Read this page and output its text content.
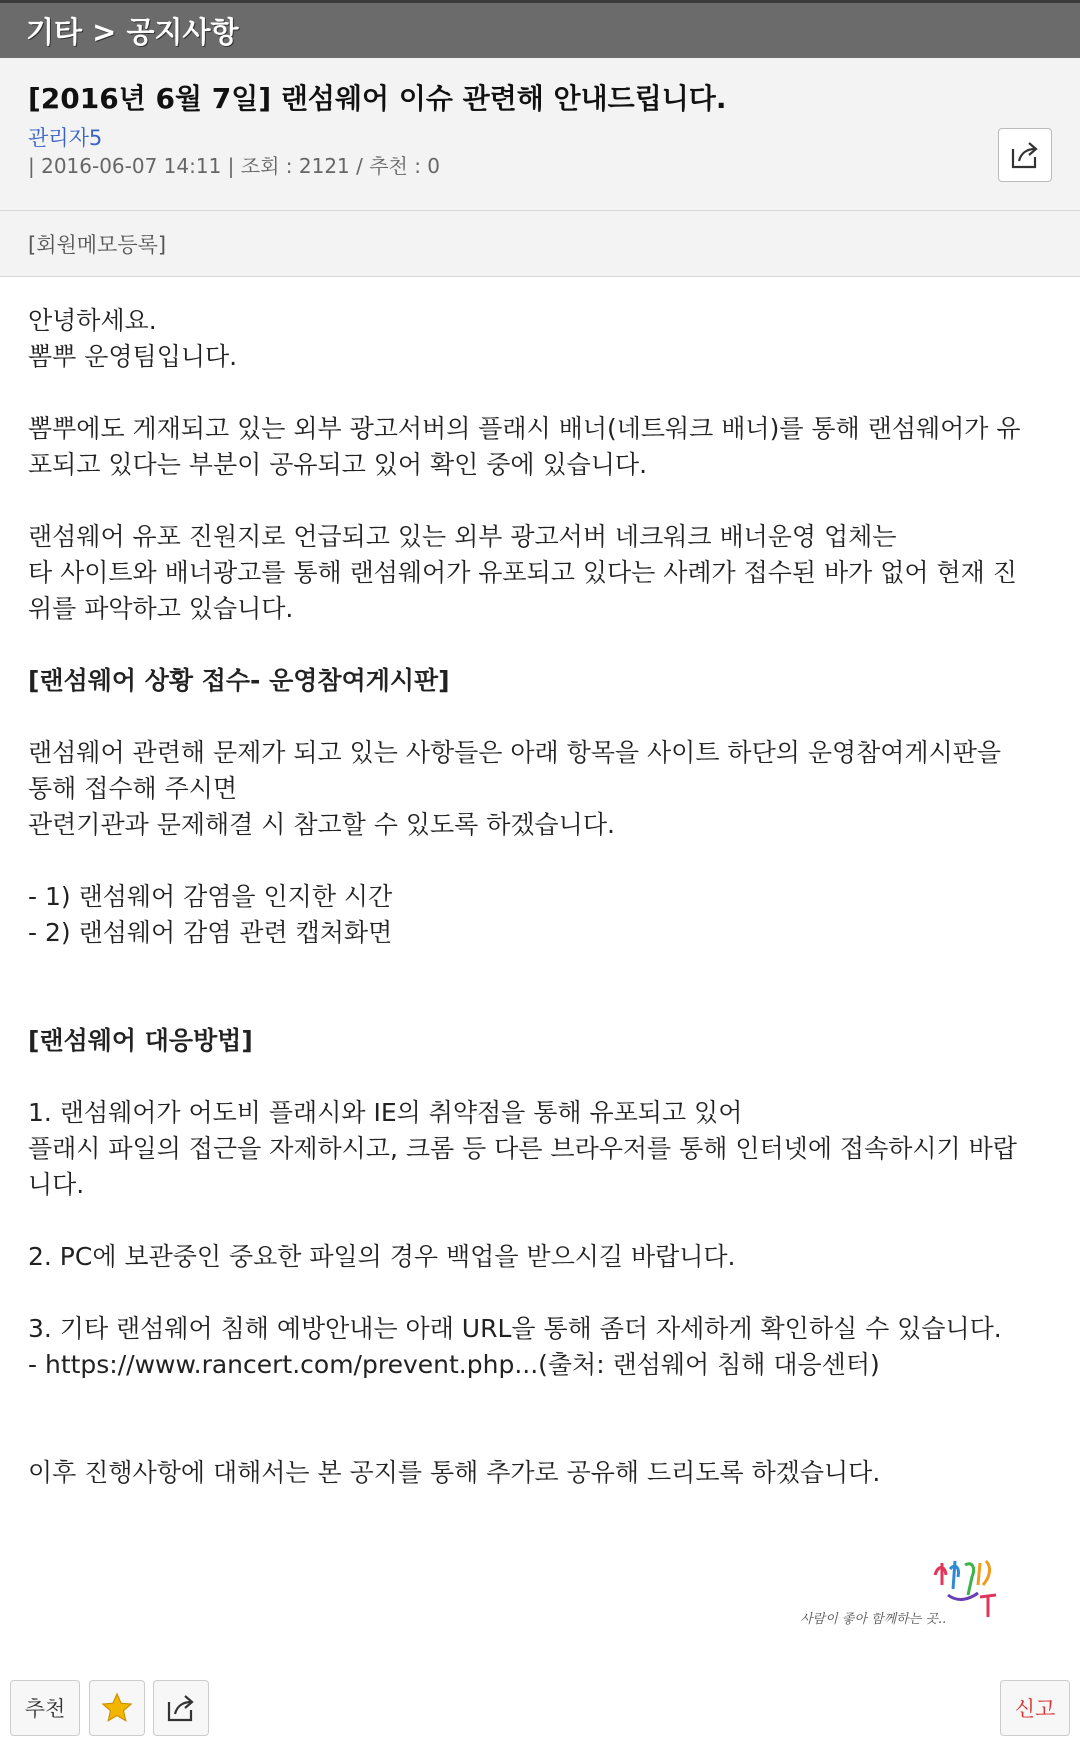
기타 > 공지사항
[2016년 6월 7일] 랜섬웨어 이슈 관련해 안내드립니다.
관리자5
| 2016-06-07 14:11 | 조회 : 2121 / 추천 : 0
[회원메모등록]

안녕하세요.

뽐뿌 운영팀입니다.

뽐뿌에도 게재되고 있는 외부 광고서버의 플래시 배너(네트워크 배너)를 통해 랜섬웨어가 유

포되고 있다는 부분이 공유되고 있어 확인 중에 있습니다.

랜섬웨어 유포 진원지로 언급되고 있는 외부 광고서버 네크워크 배너운영 업체는

타 사이트와 배너광고를 통해 랜섬웨어가 유포되고 있다는 사례가 접수된 바가 없어 현재 진

위를 파악하고 있습니다.

[랜섬웨어 상황 접수- 운영참여게시판]

랜섬웨어 관련해 문제가 되고 있는 사항들은 아래 항목을 사이트 하단의 운영참여게시판을

통해 접수해 주시면

관련기관과 문제해결 시 참고할 수 있도록 하겠습니다.

- 1) 랜섬웨어 감염을 인지한 시간

- 2) 랜섬웨어 감염 관련 캡처화면

[랜섬웨어 대응방법]

1. 랜섬웨어가 어도비 플래시와 IE의 취약점을 통해 유포되고 있어

플래시 파일의 접근을 자제하시고, 크롬 등 다른 브라우저를 통해 인터넷에 접속하시기 바랍

니다.

2. PC에 보관중인 중요한 파일의 경우 백업을 받으시길 바랍니다.

3. 기타 랜섬웨어 침해 예방안내는 아래 URL을 통해 좀더 자세하게 확인하실 수 있습니다.

- https://www.rancert.com/prevent.php...(출처: 랜섬웨어 침해 대응센터)

이후 진행사항에 대해서는 본 공지를 통해 추가로 공유해 드리도록 하겠습니다.

사람이 좋아 함께하는 곳..
추천	신고
